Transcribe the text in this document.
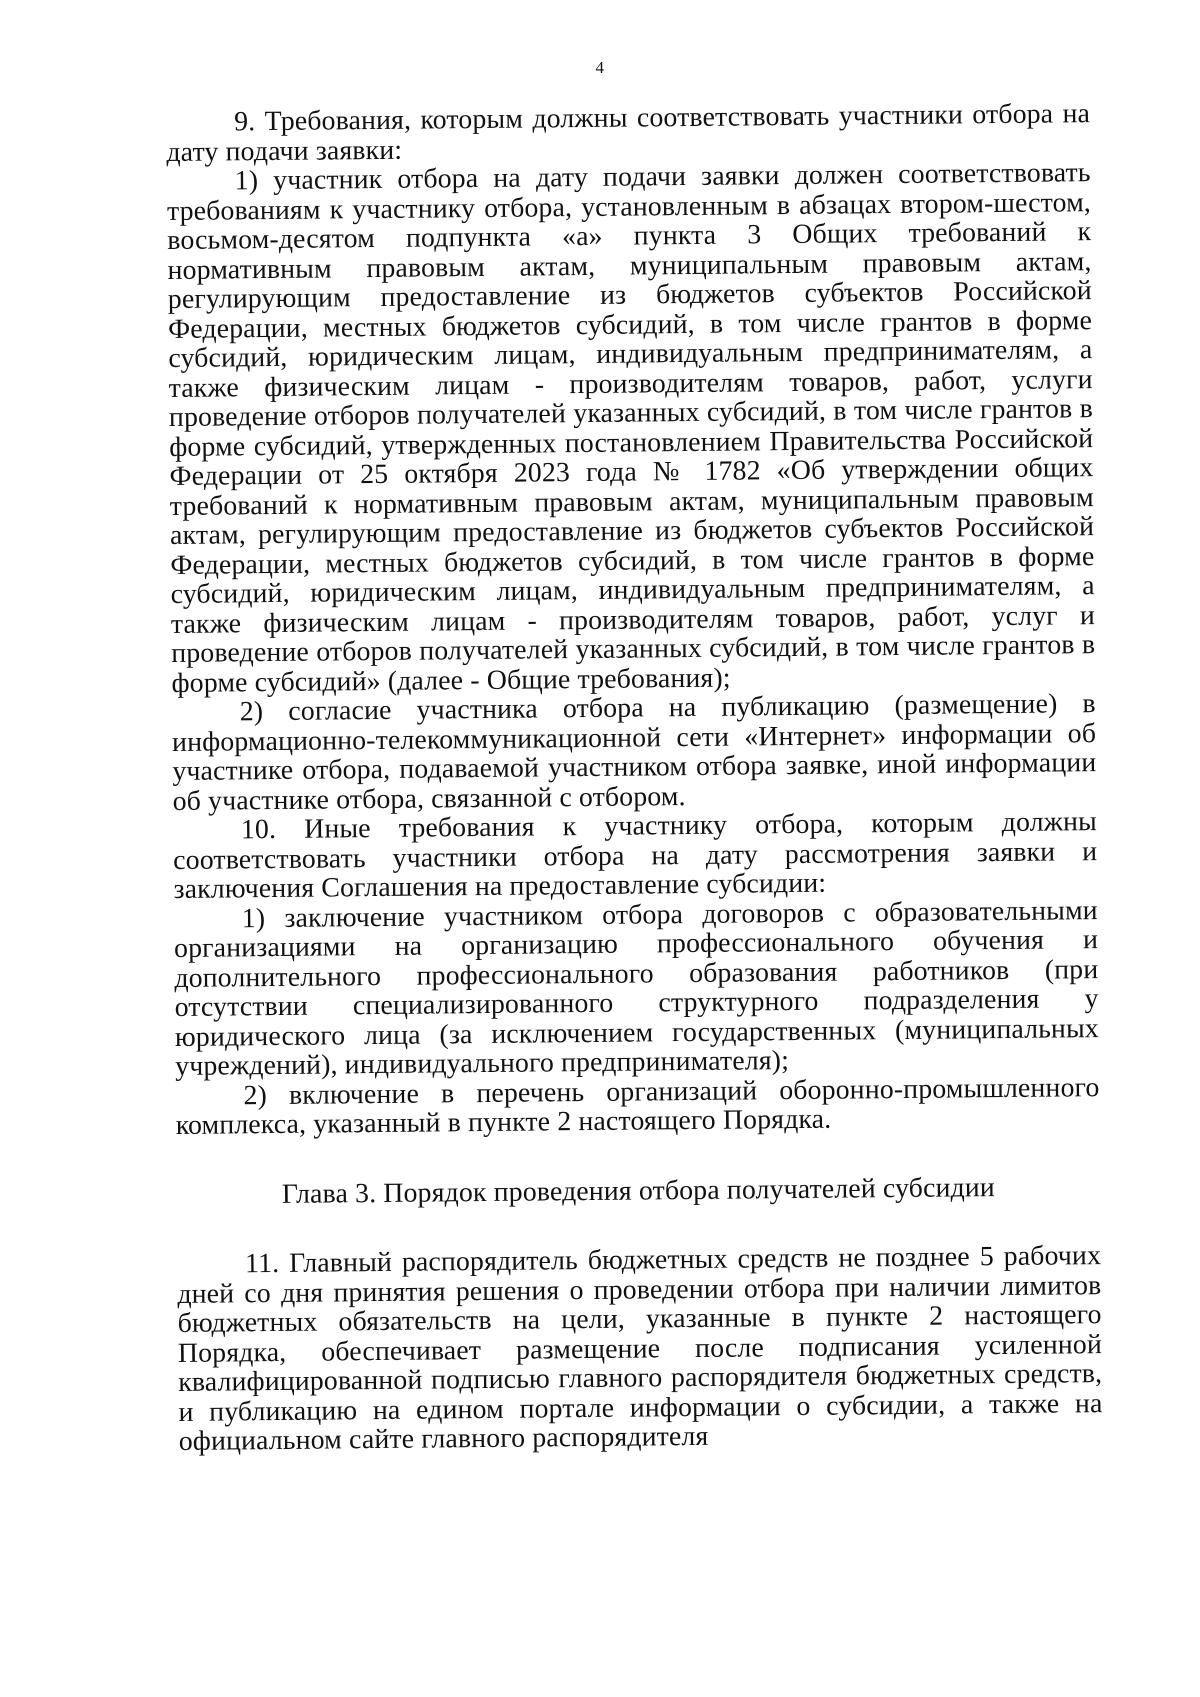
4

9. Требования, которым должны соответствовать участники отбора на дату подачи заявки:

1) участник отбора на дату подачи заявки должен соответствовать требованиям к участнику отбора, установленным в абзацах втором-шестом, восьмом-десятом подпункта «а» пункта 3 Общих требований к нормативным правовым актам, муниципальным правовым актам, регулирующим предоставление из бюджетов субъектов Российской Федерации, местных бюджетов субсидий, в том числе грантов в форме субсидий, юридическим лицам, индивидуальным предпринимателям, а также физическим лицам - производителям товаров, работ, услуги проведение отборов получателей указанных субсидий, в том числе грантов в форме субсидий, утвержденных постановлением Правительства Российской Федерации от 25 октября 2023 года № 1782 «Об утверждении общих требований к нормативным правовым актам, муниципальным правовым актам, регулирующим предоставление из бюджетов субъектов Российской Федерации, местных бюджетов субсидий, в том числе грантов в форме субсидий, юридическим лицам, индивидуальным предпринимателям, а также физическим лицам - производителям товаров, работ, услуг и проведение отборов получателей указанных субсидий, в том числе грантов в форме субсидий» (далее - Общие требования);

2) согласие участника отбора на публикацию (размещение) в информационно-телекоммуникационной сети «Интернет» информации об участнике отбора, подаваемой участником отбора заявке, иной информации об участнике отбора, связанной с отбором.

10. Иные требования к участнику отбора, которым должны соответствовать участники отбора на дату рассмотрения заявки и заключения Соглашения на предоставление субсидии:

1) заключение участником отбора договоров с образовательными организациями на организацию профессионального обучения и дополнительного профессионального образования работников (при отсутствии специализированного структурного подразделения у юридического лица (за исключением государственных (муниципальных учреждений), индивидуального предпринимателя);

2) включение в перечень организаций оборонно-промышленного комплекса, указанный в пункте 2 настоящего Порядка.

Глава 3. Порядок проведения отбора получателей субсидии

11. Главный распорядитель бюджетных средств не позднее 5 рабочих дней со дня принятия решения о проведении отбора при наличии лимитов бюджетных обязательств на цели, указанные в пункте 2 настоящего Порядка, обеспечивает размещение после подписания усиленной квалифицированной подписью главного распорядителя бюджетных средств, и публикацию на едином портале информации о субсидии, а также на официальном сайте главного распорядителя
